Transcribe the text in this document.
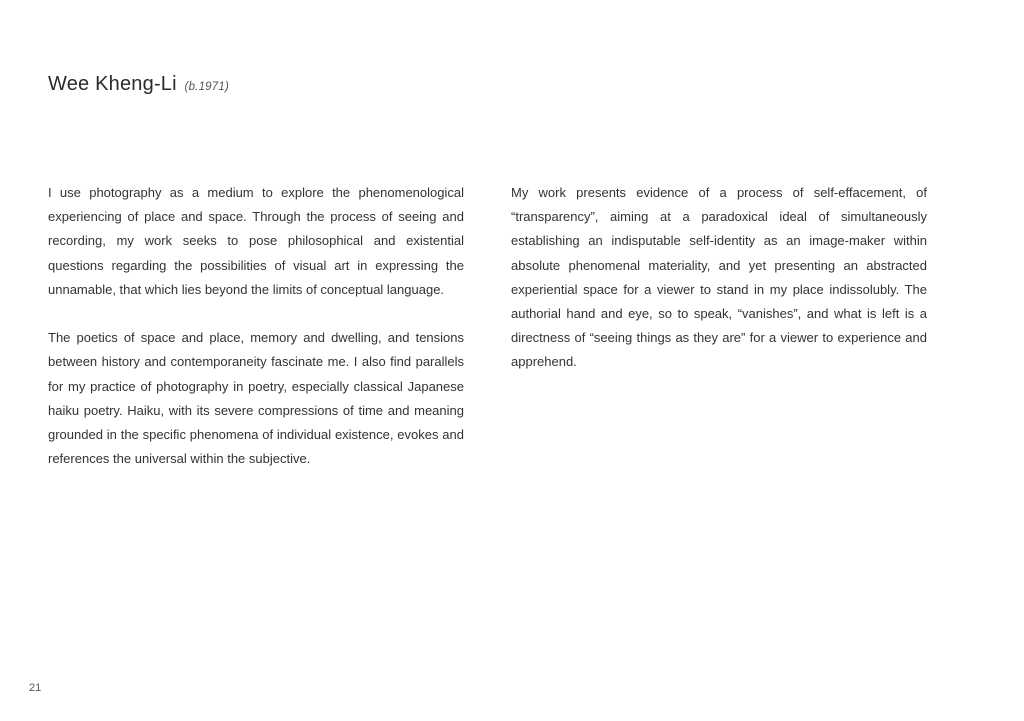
Wee Kheng-Li (b.1971)

I use photography as a medium to explore the phenomenological experiencing of place and space. Through the process of seeing and recording, my work seeks to pose philosophical and existential questions regarding the possibilities of visual art in expressing the unnamable, that which lies beyond the limits of conceptual language.

The poetics of space and place, memory and dwelling, and tensions between history and contemporaneity fascinate me. I also find parallels for my practice of photography in poetry, especially classical Japanese haiku poetry. Haiku, with its severe compressions of time and meaning grounded in the specific phenomena of individual existence, evokes and references the universal within the subjective.

My work presents evidence of a process of self-effacement, of “transparency”, aiming at a paradoxical ideal of simultaneously establishing an indisputable self-identity as an image-maker within absolute phenomenal materiality, and yet presenting an abstracted experiential space for a viewer to stand in my place indissolubly. The authorial hand and eye, so to speak, “vanishes”, and what is left is a directness of “seeing things as they are” for a viewer to experience and apprehend.

21
